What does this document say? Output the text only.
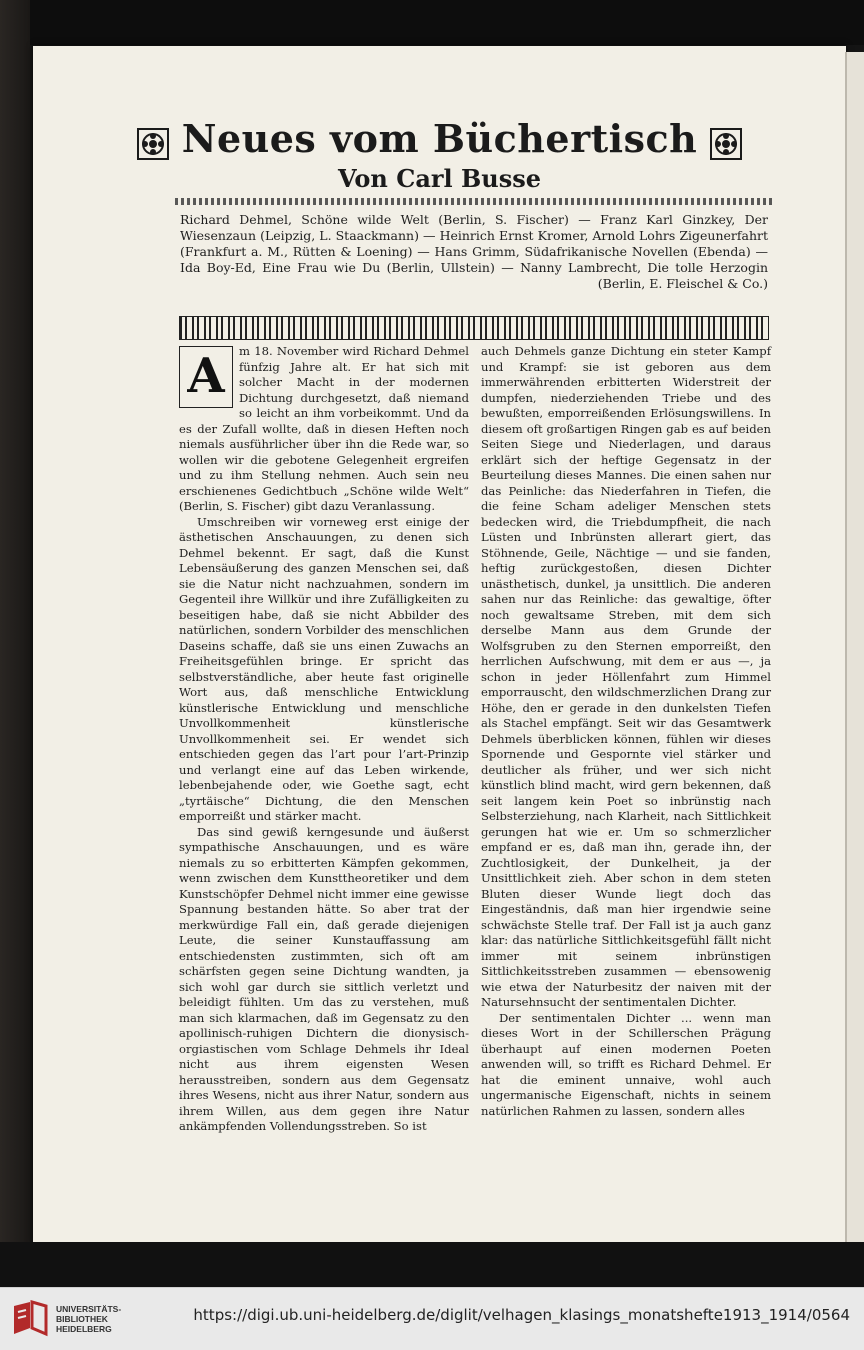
Neues vom Büchertisch
Von Carl Busse
Richard Dehmel, Schöne wilde Welt (Berlin, S. Fischer) — Franz Karl Ginzkey, Der Wiesenzaun (Leipzig, L. Staackmann) — Heinrich Ernst Kromer, Arnold Lohrs Zigeunerfahrt (Frankfurt a. M., Rütten & Loening) — Hans Grimm, Südafrikanische Novellen (Ebenda) — Ida Boy-Ed, Eine Frau wie Du (Berlin, Ullstein) — Nanny Lambrecht, Die tolle Herzogin (Berlin, E. Fleischel & Co.)
A	m 18. November wird Richard Dehmel fünfzig Jahre alt. Er hat sich mit solcher Macht in der modernen Dichtung durchgesetzt, daß niemand so leicht an ihm vorbeikommt. Und da es der Zufall wollte, daß in diesen Heften noch niemals ausführlicher über ihn die Rede war, so wollen wir die gebotene Gelegenheit ergreifen und zu ihm Stellung nehmen. Auch sein neu erschienenes Gedichtbuch „Schöne wilde Welt“ (Berlin, S. Fischer) gibt dazu Veranlassung.

Umschreiben wir vorneweg erst einige der ästhetischen Anschauungen, zu denen sich Dehmel bekennt. Er sagt, daß die Kunst Lebensäußerung des ganzen Menschen sei, daß sie die Natur nicht nachzuahmen, sondern im Gegenteil ihre Willkür und ihre Zufälligkeiten zu beseitigen habe, daß sie nicht Abbilder des natürlichen, sondern Vorbilder des menschlichen Daseins schaffe, daß sie uns einen Zuwachs an Freiheitsgefühlen bringe. Er spricht das selbstverständliche, aber heute fast originelle Wort aus, daß menschliche Entwicklung künstlerische Entwicklung und menschliche Unvollkommenheit künstlerische Unvollkommenheit sei. Er wendet sich entschieden gegen das l’art pour l’art-Prinzip und verlangt eine auf das Leben wirkende, lebenbejahende oder, wie Goethe sagt, echt „tyrtäische“ Dichtung, die den Menschen emporreißt und stärker macht.

Das sind gewiß kerngesunde und äußerst sympathische Anschauungen, und es wäre niemals zu so erbitterten Kämpfen gekommen, wenn zwischen dem Kunsttheoretiker und dem Kunstschöpfer Dehmel nicht immer eine gewisse Spannung bestanden hätte. So aber trat der merkwürdige Fall ein, daß gerade diejenigen Leute, die seiner Kunstauffassung am entschiedensten zustimmten, sich oft am schärfsten gegen seine Dichtung wandten, ja sich wohl gar durch sie sittlich verletzt und beleidigt fühlten. Um das zu verstehen, muß man sich klarmachen, daß im Gegensatz zu den apollinisch-ruhigen Dichtern die dionysisch-orgiastischen vom Schlage Dehmels ihr Ideal nicht aus ihrem eigensten Wesen herausstreiben, sondern aus dem Gegensatz ihres Wesens, nicht aus ihrer Natur, sondern aus ihrem Willen, aus dem gegen ihre Natur ankämpfenden Vollendungsstreben. So ist

auch Dehmels ganze Dichtung ein steter Kampf und Krampf: sie ist geboren aus dem immerwährenden erbitterten Widerstreit der dumpfen, niederziehenden Triebe und des bewußten, emporreißenden Erlösungswillens. In diesem oft großartigen Ringen gab es auf beiden Seiten Siege und Niederlagen, und daraus erklärt sich der heftige Gegensatz in der Beurteilung dieses Mannes. Die einen sahen nur das Peinliche: das Niederfahren in Tiefen, die die feine Scham adeliger Menschen stets bedecken wird, die Triebdumpfheit, die nach Lüsten und Inbrünsten allerart giert, das Stöhnende, Geile, Nächtige — und sie fanden, heftig zurückgestoßen, diesen Dichter unästhetisch, dunkel, ja unsittlich. Die anderen sahen nur das Reinliche: das gewaltige, öfter noch gewaltsame Streben, mit dem sich derselbe Mann aus dem Grunde der Wolfsgruben zu den Sternen emporreißt, den herrlichen Aufschwung, mit dem er aus —, ja schon in jeder Höllenfahrt zum Himmel emporrauscht, den wildschmerzlichen Drang zur Höhe, den er gerade in den dunkelsten Tiefen als Stachel empfängt. Seit wir das Gesamtwerk Dehmels überblicken können, fühlen wir dieses Spornende und Gespornte viel stärker und deutlicher als früher, und wer sich nicht künstlich blind macht, wird gern bekennen, daß seit langem kein Poet so inbrünstig nach Selbsterziehung, nach Klarheit, nach Sittlichkeit gerungen hat wie er. Um so schmerzlicher empfand er es, daß man ihn, gerade ihn, der Zuchtlosigkeit, der Dunkelheit, ja der Unsittlichkeit zieh. Aber schon in dem steten Bluten dieser Wunde liegt doch das Eingeständnis, daß man hier irgendwie seine schwächste Stelle traf. Der Fall ist ja auch ganz klar: das natürliche Sittlichkeitsgefühl fällt nicht immer mit seinem inbrünstigen Sittlichkeitsstreben zusammen — ebensowenig wie etwa der Naturbesitz der naiven mit der Natursehnsucht der sentimentalen Dichter.

Der sentimentalen Dichter ... wenn man dieses Wort in der Schillerschen Prägung überhaupt auf einen modernen Poeten anwenden will, so trifft es Richard Dehmel. Er hat die eminent unnaive, wohl auch ungermanische Eigenschaft, nichts in seinem natürlichen Rahmen zu lassen, sondern alles

UNIVERSITÄTS-
BIBLIOTHEK
HEIDELBERG
https://digi.ub.uni-heidelberg.de/diglit/velhagen_klasings_monatshefte1913_1914/0564
